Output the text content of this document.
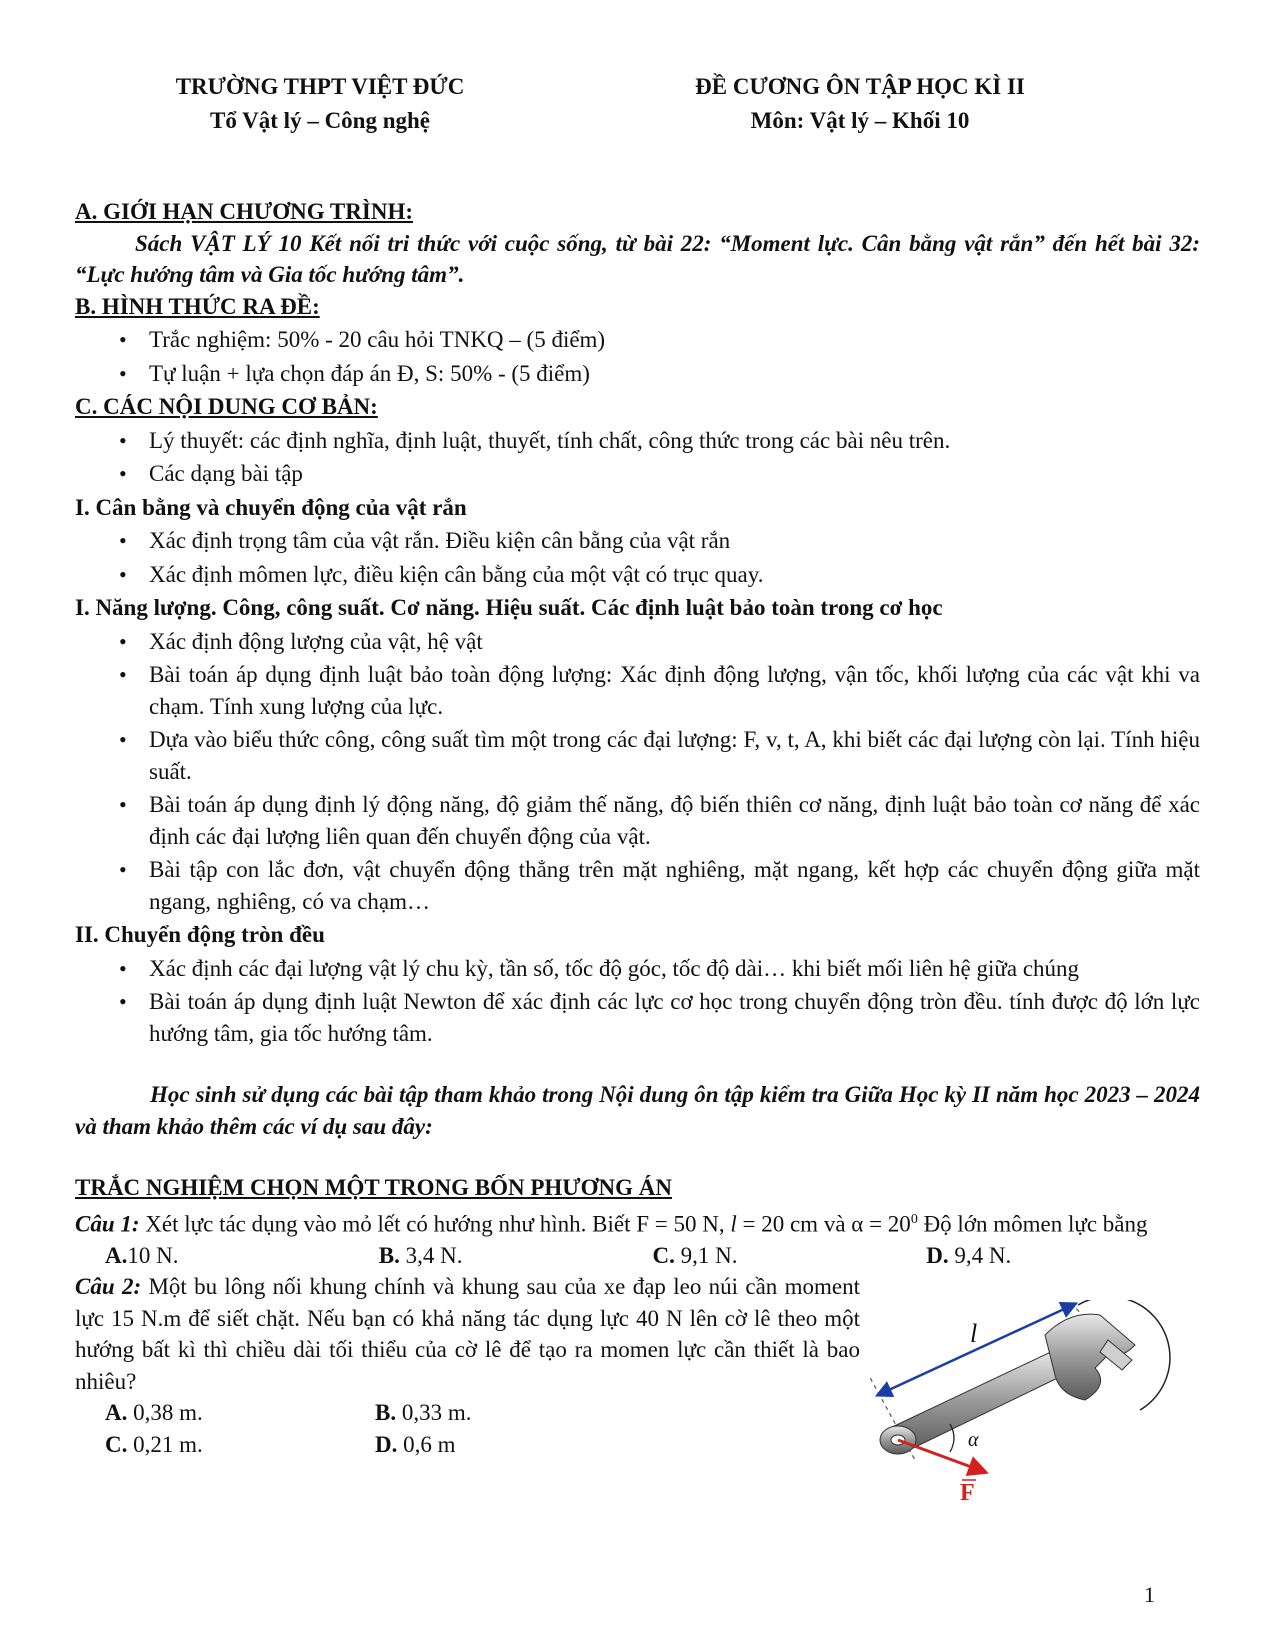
TRƯỜNG THPT VIỆT ĐỨC
Tổ Vật lý – Công nghệ
ĐỀ CƯƠNG ÔN TẬP HỌC KÌ II
Môn: Vật lý – Khối 10
A. GIỚI HẠN CHƯƠNG TRÌNH:
Sách VẬT LÝ 10 Kết nối tri thức với cuộc sống, từ bài 22: “Moment lực. Cân bằng vật rắn” đến hết bài 32: “Lực hướng tâm và Gia tốc hướng tâm”.
B. HÌNH THỨC RA ĐỀ:
• Trắc nghiệm: 50% - 20 câu hỏi TNKQ – (5 điểm)
• Tự luận + lựa chọn đáp án Đ, S: 50% - (5 điểm)
C. CÁC NỘI DUNG CƠ BẢN:
• Lý thuyết: các định nghĩa, định luật, thuyết, tính chất, công thức trong các bài nêu trên.
• Các dạng bài tập
I. Cân bằng và chuyển động của vật rắn
• Xác định trọng tâm của vật rắn. Điều kiện cân bằng của vật rắn
• Xác định mômen lực, điều kiện cân bằng của một vật có trục quay.
I. Năng lượng. Công, công suất. Cơ năng. Hiệu suất. Các định luật bảo toàn trong cơ học
• Xác định động lượng của vật, hệ vật
• Bài toán áp dụng định luật bảo toàn động lượng: Xác định động lượng, vận tốc, khối lượng của các vật khi va chạm. Tính xung lượng của lực.
• Dựa vào biểu thức công, công suất tìm một trong các đại lượng: F, v, t, A, khi biết các đại lượng còn lại. Tính hiệu suất.
• Bài toán áp dụng định lý động năng, độ giảm thế năng, độ biến thiên cơ năng, định luật bảo toàn cơ năng để xác định các đại lượng liên quan đến chuyển động của vật.
• Bài tập con lắc đơn, vật chuyển động thẳng trên mặt nghiêng, mặt ngang, kết hợp các chuyển động giữa mặt ngang, nghiêng, có va chạm…
II. Chuyển động tròn đều
• Xác định các đại lượng vật lý chu kỳ, tần số, tốc độ góc, tốc độ dài… khi biết mối liên hệ giữa chúng
• Bài toán áp dụng định luật Newton để xác định các lực cơ học trong chuyển động tròn đều. tính được độ lớn lực hướng tâm, gia tốc hướng tâm.
Học sinh sử dụng các bài tập tham khảo trong Nội dung ôn tập kiểm tra Giữa Học kỳ II năm học 2023 – 2024 và tham khảo thêm các ví dụ sau đây:
TRẮC NGHIỆM CHỌN MỘT TRONG BỐN PHƯƠNG ÁN
Câu 1: Xét lực tác dụng vào mỏ lết có hướng như hình. Biết F = 50 N, l = 20 cm và $\alpha = 20^0$ Độ lớn mômen lực bằng
A.10 N.	B. 3,4 N.	C. 9,1 N.	D. 9,4 N.
Câu 2: Một bu lông nối khung chính và khung sau của xe đạp leo núi cần moment lực 15 N.m để siết chặt. Nếu bạn có khả năng tác dụng lực 40 N lên cờ lê theo một hướng bất kì thì chiều dài tối thiểu của cờ lê để tạo ra momen lực cần thiết là bao nhiêu?
A. 0,38 m.	B. 0,33 m.
C. 0,21 m.	D. 0,6 m
l
α
F
1
